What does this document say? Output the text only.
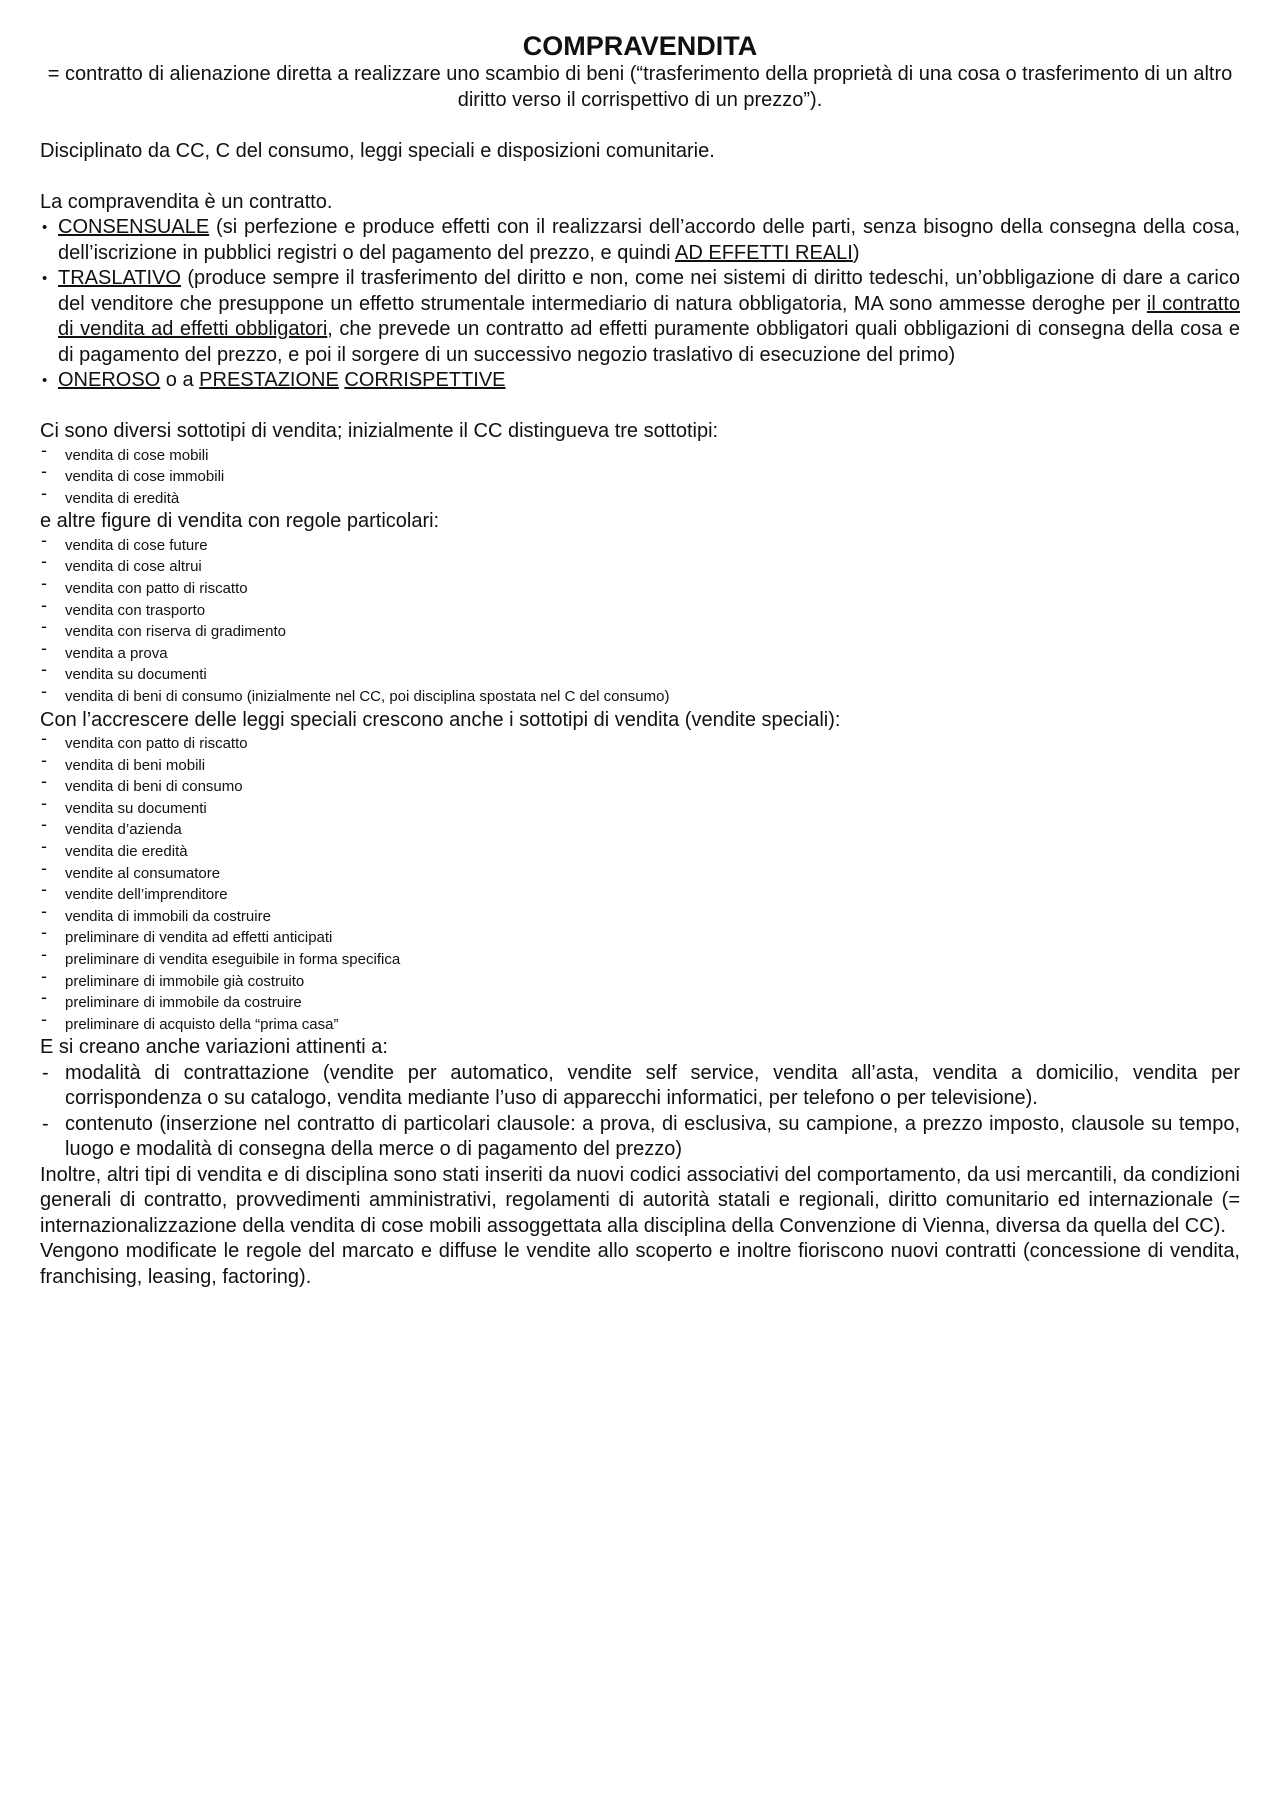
COMPRAVENDITA

= contratto di alienazione diretta a realizzare uno scambio di beni (“trasferimento della proprietà di una cosa o trasferimento di un altro diritto verso il corrispettivo di un prezzo”).

Disciplinato da CC, C del consumo, leggi speciali e disposizioni comunitarie.

La compravendita è un contratto.

• CONSENSUALE (si perfezione e produce effetti con il realizzarsi dell’accordo delle parti, senza bisogno della consegna della cosa, dell’iscrizione in pubblici registri o del pagamento del prezzo, e quindi AD EFFETTI REALI)
• TRASLATIVO (produce sempre il trasferimento del diritto e non, come nei sistemi di diritto tedeschi, un’obbligazione di dare a carico del venditore che presuppone un effetto strumentale intermediario di natura obbligatoria, MA sono ammesse deroghe per il contratto di vendita ad effetti obbligatori, che prevede un contratto ad effetti puramente obbligatori quali obbligazioni di consegna della cosa e di pagamento del prezzo, e poi il sorgere di un successivo negozio traslativo di esecuzione del primo)
• ONEROSO o a PRESTAZIONE CORRISPETTIVE

Ci sono diversi sottotipi di vendita; inizialmente il CC distingueva tre sottotipi:

- vendita di cose mobili
- vendita di cose immobili
- vendita di eredità

e altre figure di vendita con regole particolari:

- vendita di cose future
- vendita di cose altrui
- vendita con patto di riscatto
- vendita con trasporto
- vendita con riserva di gradimento
- vendita a prova
- vendita su documenti
- vendita di beni di consumo (inizialmente nel CC, poi disciplina spostata nel C del consumo)

Con l’accrescere delle leggi speciali crescono anche i sottotipi di vendita (vendite speciali):

- vendita con patto di riscatto
- vendita di beni mobili
- vendita di beni di consumo
- vendita su documenti
- vendita d’azienda
- vendita die eredità
- vendite al consumatore
- vendite dell’imprenditore
- vendita di immobili da costruire
- preliminare di vendita ad effetti anticipati
- preliminare di vendita eseguibile in forma specifica
- preliminare di immobile già costruito
- preliminare di immobile da costruire
- preliminare di acquisto della “prima casa”

E si creano anche variazioni attinenti a:

- modalità di contrattazione (vendite per automatico, vendite self service, vendita all’asta, vendita a domicilio, vendita per corrispondenza o su catalogo, vendita mediante l’uso di apparecchi informatici, per telefono o per televisione).
- contenuto (inserzione nel contratto di particolari clausole: a prova, di esclusiva, su campione, a prezzo imposto, clausole su tempo, luogo e modalità di consegna della merce o di pagamento del prezzo)

Inoltre, altri tipi di vendita e di disciplina sono stati inseriti da nuovi codici associativi del comportamento, da usi mercantili, da condizioni generali di contratto, provvedimenti amministrativi, regolamenti di autorità statali e regionali, diritto comunitario ed internazionale (= internazionalizzazione della vendita di cose mobili assoggettata alla disciplina della Convenzione di Vienna, diversa da quella del CC).

Vengono modificate le regole del marcato e diffuse le vendite allo scoperto e inoltre fioriscono nuovi contratti (concessione di vendita, franchising, leasing, factoring).
